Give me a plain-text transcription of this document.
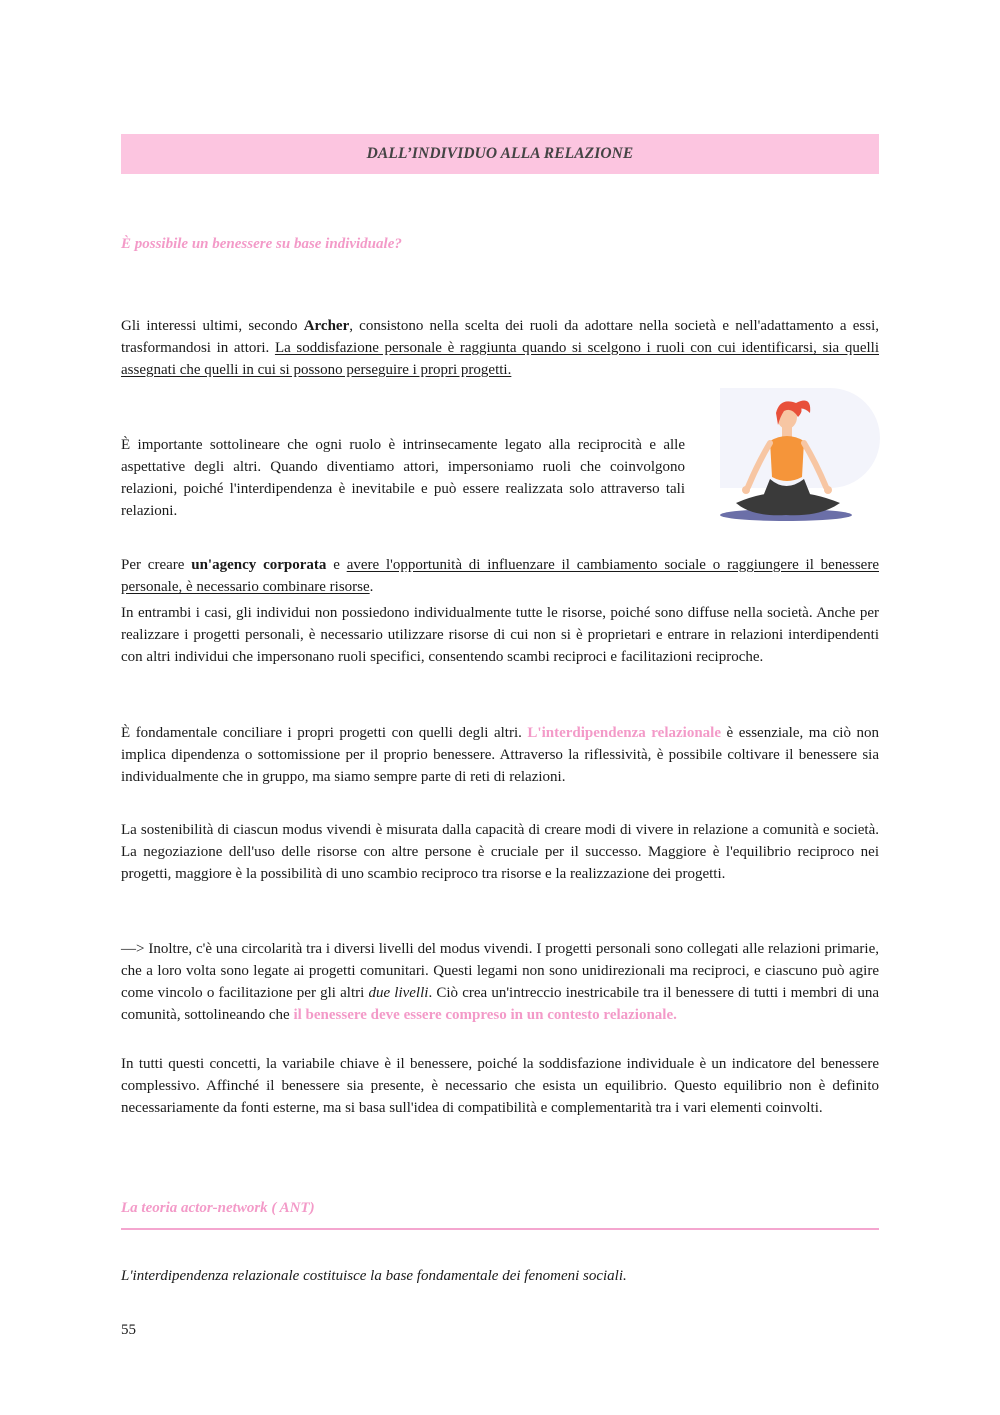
DALL’INDIVIDUO ALLA RELAZIONE
È possibile un benessere su base individuale?

Gli interessi ultimi, secondo Archer, consistono nella scelta dei ruoli da adottare nella società e nell'adattamento a essi, trasformandosi in attori. La soddisfazione personale è raggiunta quando si scelgono i ruoli con cui identificarsi, sia quelli assegnati che quelli in cui si possono perseguire i propri progetti.

È importante sottolineare che ogni ruolo è intrinsecamente legato alla reciprocità e alle aspettative degli altri. Quando diventiamo attori, impersoniamo ruoli che coinvolgono relazioni, poiché l'interdipendenza è inevitabile e può essere realizzata solo attraverso tali relazioni.

Per creare un'agency corporata e avere l'opportunità di influenzare il cambiamento sociale o raggiungere il benessere personale, è necessario combinare risorse.

In entrambi i casi, gli individui non possiedono individualmente tutte le risorse, poiché sono diffuse nella società. Anche per realizzare i progetti personali, è necessario utilizzare risorse di cui non si è proprietari e entrare in relazioni interdipendenti con altri individui che impersonano ruoli specifici, consentendo scambi reciproci e facilitazioni reciproche.

È fondamentale conciliare i propri progetti con quelli degli altri. L'interdipendenza relazionale è essenziale, ma ciò non implica dipendenza o sottomissione per il proprio benessere. Attraverso la riflessività, è possibile coltivare il benessere sia individualmente che in gruppo, ma siamo sempre parte di reti di relazioni.

La sostenibilità di ciascun modus vivendi è misurata dalla capacità di creare modi di vivere in relazione a comunità e società. La negoziazione dell'uso delle risorse con altre persone è cruciale per il successo. Maggiore è l'equilibrio reciproco nei progetti, maggiore è la possibilità di uno scambio reciproco tra risorse e la realizzazione dei progetti.

—> Inoltre, c'è una circolarità tra i diversi livelli del modus vivendi. I progetti personali sono collegati alle relazioni primarie, che a loro volta sono legate ai progetti comunitari. Questi legami non sono unidirezionali ma reciproci, e ciascuno può agire come vincolo o facilitazione per gli altri due livelli. Ciò crea un'intreccio inestricabile tra il benessere di tutti i membri di una comunità, sottolineando che il benessere deve essere compreso in un contesto relazionale.

In tutti questi concetti, la variabile chiave è il benessere, poiché la soddisfazione individuale è un indicatore del benessere complessivo. Affinché il benessere sia presente, è necessario che esista un equilibrio. Questo equilibrio non è definito necessariamente da fonti esterne, ma si basa sull'idea di compatibilità e complementarità tra i vari elementi coinvolti.

La teoria actor-network ( ANT)

L'interdipendenza relazionale costituisce la base fondamentale dei fenomeni sociali.

55
